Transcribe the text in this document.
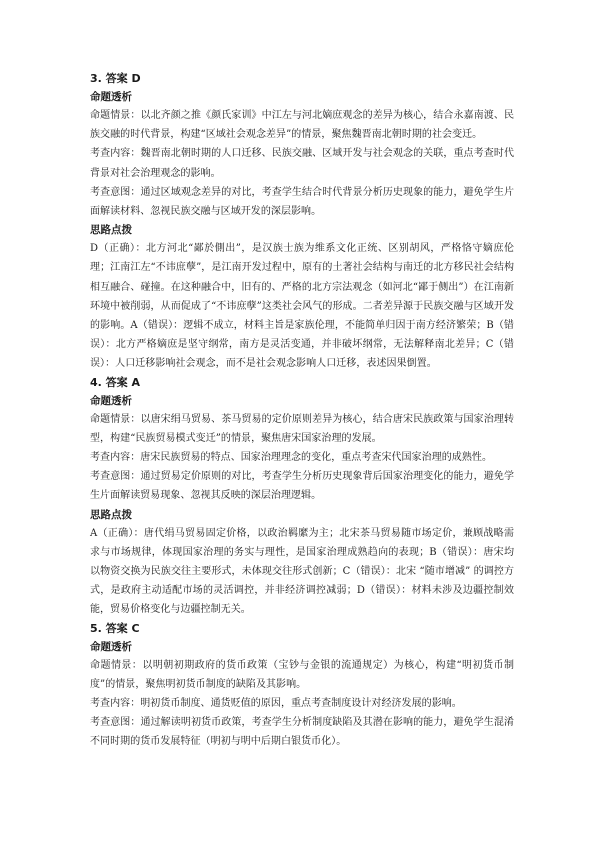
3. 答案 D

命题透析

命题情景：以北齐颜之推《颜氏家训》中江左与河北嫡庶观念的差异为核心，结合永嘉南渡、民族交融的时代背景，构建“区域社会观念差异”的情景，聚焦魏晋南北朝时期的社会变迁。

考查内容：魏晋南北朝时期的人口迁移、民族交融、区域开发与社会观念的关联，重点考查时代背景对社会治理观念的影响。

考查意图：通过区域观念差异的对比，考查学生结合时代背景分析历史现象的能力，避免学生片面解读材料、忽视民族交融与区域开发的深层影响。

思路点拨

D（正确）：北方河北“鄙於側出”，是汉族士族为维系文化正统、区别胡风，严格恪守嫡庶伦理；江南江左“不讳庶孽”，是江南开发过程中，原有的土著社会结构与南迁的北方移民社会结构相互融合、碰撞。在这种融合中，旧有的、严格的北方宗法观念（如河北“鄙于侧出”）在江南新环境中被削弱，从而促成了“不讳庶孽”这类社会风气的形成。二者差异源于民族交融与区域开发的影响。A（错误）：逻辑不成立，材料主旨是家族伦理，不能简单归因于南方经济繁荣；B（错误）：北方严格嫡庶是坚守纲常，南方是灵活变通，并非破坏纲常，无法解释南北差异；C（错误）：人口迁移影响社会观念，而不是社会观念影响人口迁移，表述因果倒置。

4. 答案 A

命题透析

命题情景：以唐宋绢马贸易、茶马贸易的定价原则差异为核心，结合唐宋民族政策与国家治理转型，构建“民族贸易模式变迁”的情景，聚焦唐宋国家治理的发展。

考查内容：唐宋民族贸易的特点、国家治理理念的变化，重点考查宋代国家治理的成熟性。

考查意图：通过贸易定价原则的对比，考查学生分析历史现象背后国家治理变化的能力，避免学生片面解读贸易现象、忽视其反映的深层治理逻辑。

思路点拨

A（正确）：唐代绢马贸易固定价格，以政治羁縻为主；北宋茶马贸易随市场定价，兼顾战略需求与市场规律，体现国家治理的务实与理性，是国家治理成熟趋向的表现；B（错误）：唐宋均以物资交换为民族交往主要形式，未体现交往形式创新；C（错误）：北宋 “随市增减” 的调控方式，是政府主动适配市场的灵活调控，并非经济调控减弱；D（错误）：材料未涉及边疆控制效能，贸易价格变化与边疆控制无关。

5. 答案 C

命题透析

命题情景：以明朝初期政府的货币政策（宝钞与金银的流通规定）为核心，构建“明初货币制度”的情景，聚焦明初货币制度的缺陷及其影响。

考查内容：明初货币制度、通货贬值的原因，重点考查制度设计对经济发展的影响。

考查意图：通过解读明初货币政策，考查学生分析制度缺陷及其潜在影响的能力，避免学生混淆不同时期的货币发展特征（明初与明中后期白银货币化）。
